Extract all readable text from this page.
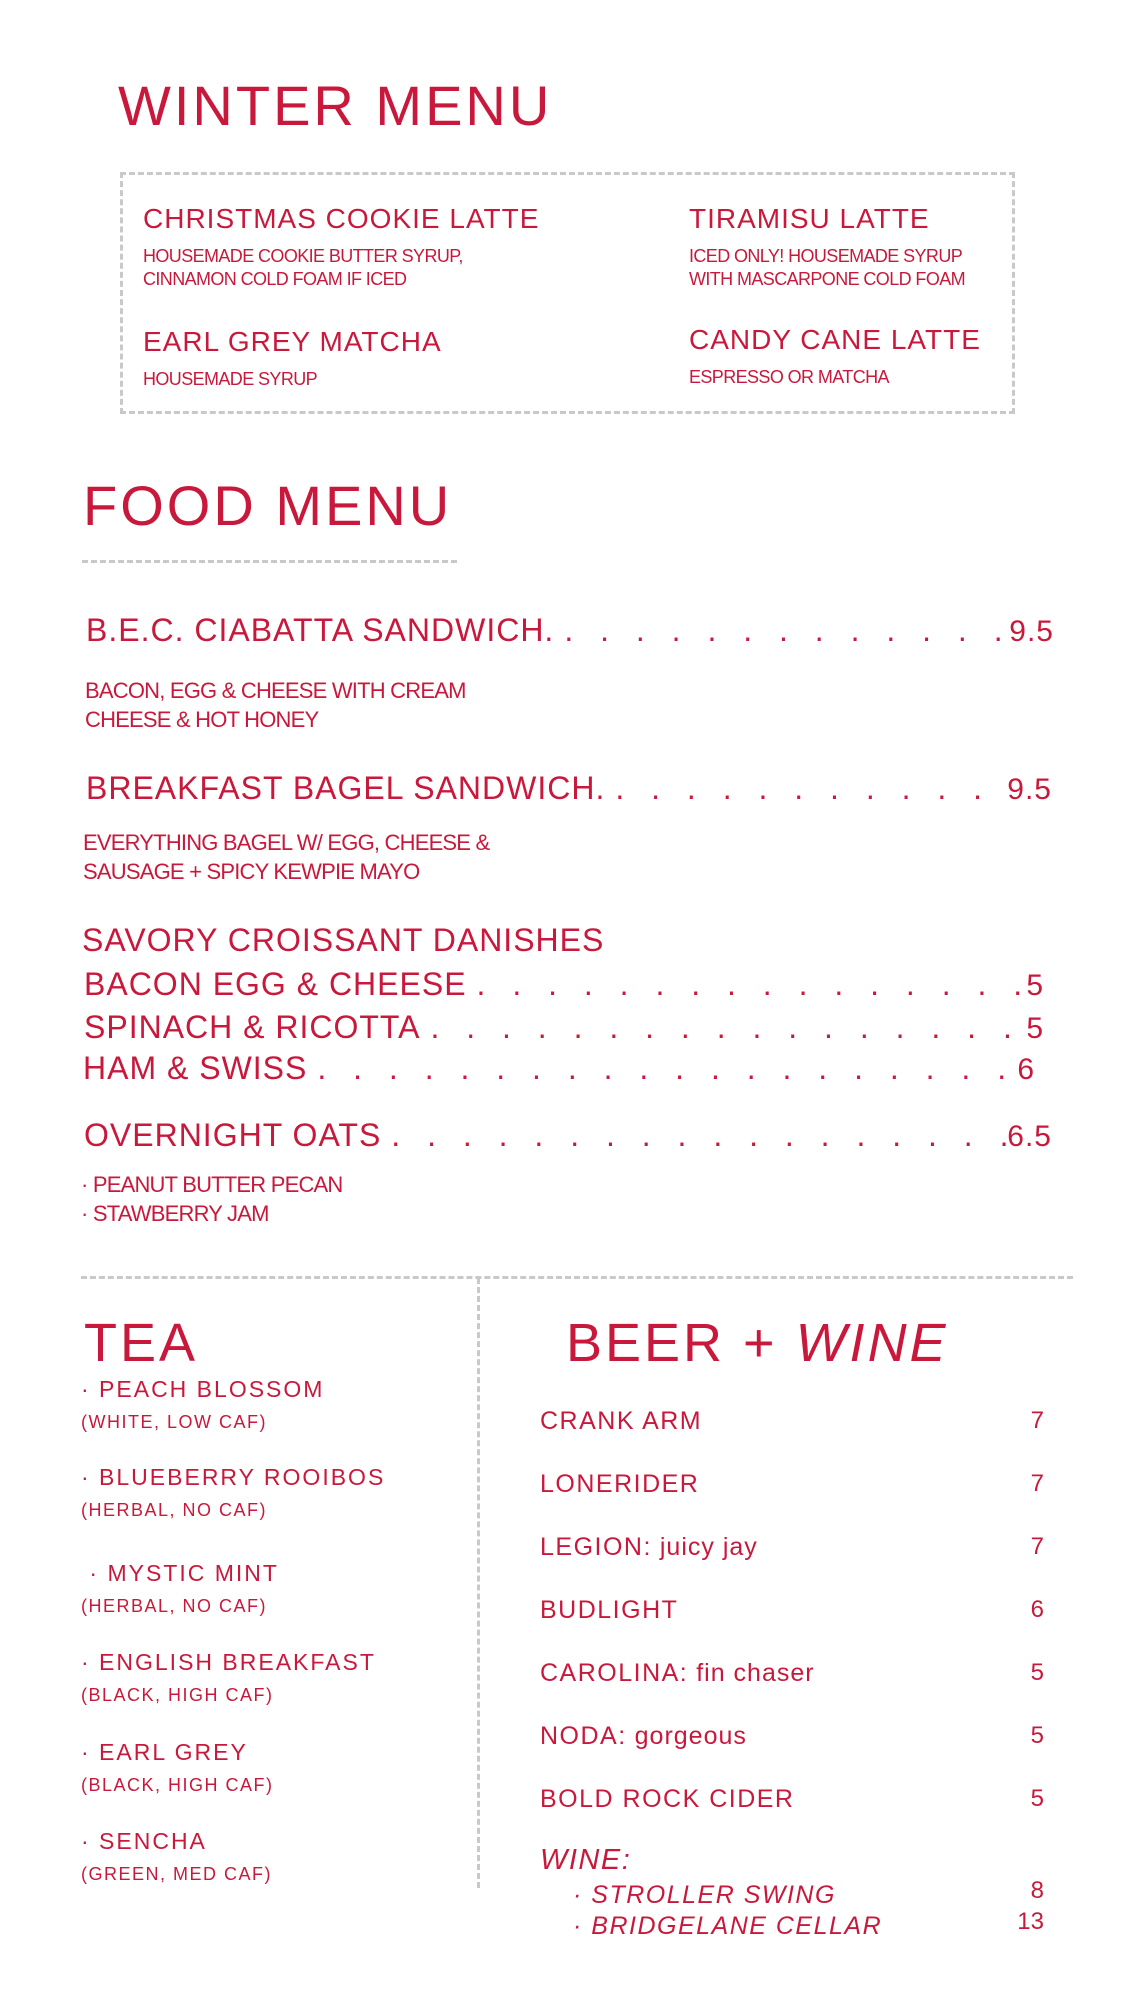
WINTER MENU
CHRISTMAS COOKIE LATTE
HOUSEMADE COOKIE BUTTER SYRUP,
CINNAMON COLD FOAM IF ICED
TIRAMISU LATTE
ICED ONLY! HOUSEMADE SYRUP
WITH MASCARPONE COLD FOAM
EARL GREY MATCHA
HOUSEMADE SYRUP
CANDY CANE LATTE
ESPRESSO OR MATCHA
FOOD MENU
B.E.C. CIABATTA SANDWICH. . . .	9.5
BACON, EGG & CHEESE WITH CREAM
CHEESE & HOT HONEY
BREAKFAST BAGEL SANDWICH. . . .	9.5
EVERYTHING BAGEL W/ EGG, CHEESE &
SAUSAGE + SPICY KEWPIE MAYO
SAVORY CROISSANT DANISHES
BACON EGG & CHEESE . . .	5
SPINACH & RICOTTA . . .	5
HAM & SWISS . . .	6
OVERNIGHT OATS . . .	6.5
· PEANUT BUTTER PECAN
· STAWBERRY JAM
TEA
· PEACH BLOSSOM
(WHITE, LOW CAF)
· BLUEBERRY ROOIBOS
(HERBAL, NO CAF)
· MYSTIC MINT
(HERBAL, NO CAF)
· ENGLISH BREAKFAST
(BLACK, HIGH CAF)
· EARL GREY
(BLACK, HIGH CAF)
· SENCHA
(GREEN, MED CAF)
BEER + WINE
CRANK ARM	7
LONERIDER	7
LEGION: juicy jay	7
BUDLIGHT	6
CAROLINA: fin chaser	5
NODA: gorgeous	5
BOLD ROCK CIDER	5
WINE:
· STROLLER SWING	8
· BRIDGELANE CELLAR	13
